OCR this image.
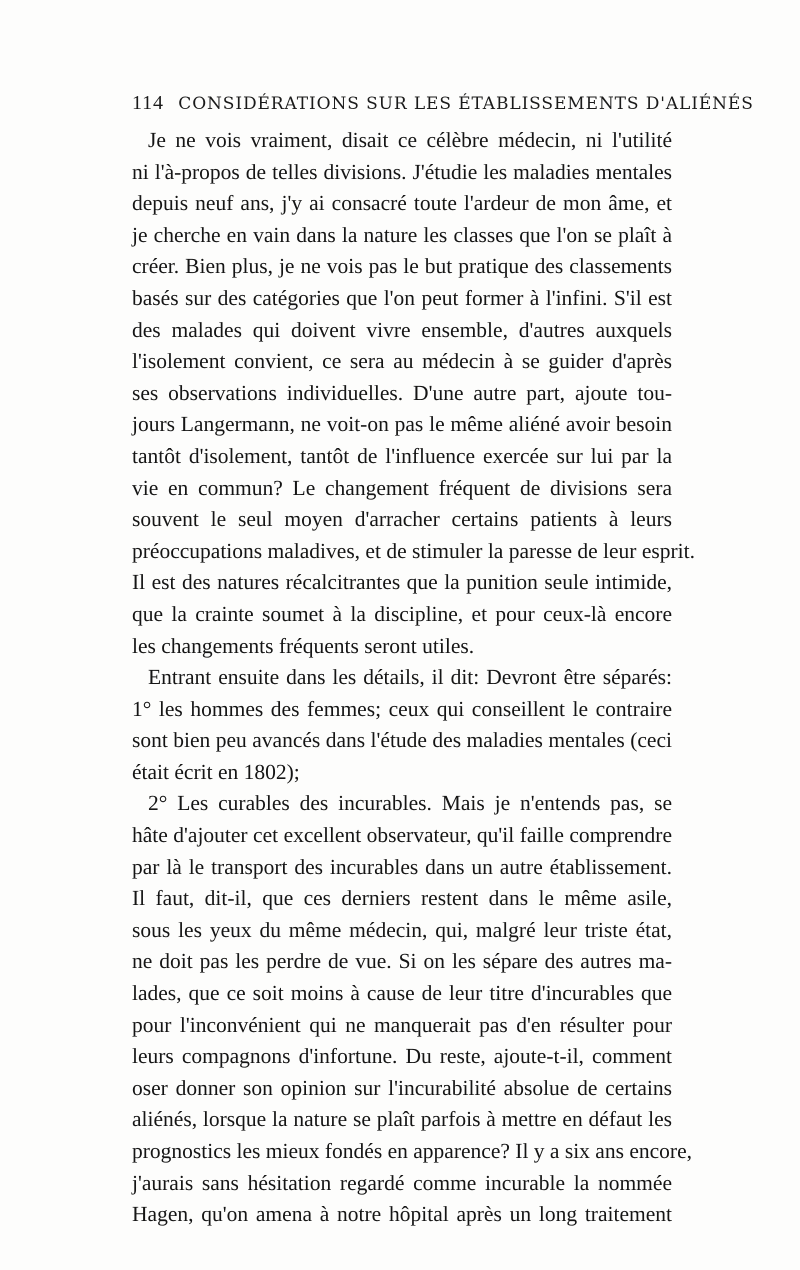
114 CONSIDÉRATIONS SUR LES ÉTABLISSEMENTS D'ALIÉNÉS
Je ne vois vraiment, disait ce célèbre médecin, ni l'utilité
ni l'à-propos de telles divisions. J'étudie les maladies mentales
depuis neuf ans, j'y ai consacré toute l'ardeur de mon âme, et
je cherche en vain dans la nature les classes que l'on se plaît à
créer. Bien plus, je ne vois pas le but pratique des classements
basés sur des catégories que l'on peut former à l'infini. S'il est
des malades qui doivent vivre ensemble, d'autres auxquels
l'isolement convient, ce sera au médecin à se guider d'après
ses observations individuelles. D'une autre part, ajoute tou-
jours Langermann, ne voit-on pas le même aliéné avoir besoin
tantôt d'isolement, tantôt de l'influence exercée sur lui par la
vie en commun? Le changement fréquent de divisions sera
souvent le seul moyen d'arracher certains patients à leurs
préoccupations maladives, et de stimuler la paresse de leur esprit.
Il est des natures récalcitrantes que la punition seule intimide,
que la crainte soumet à la discipline, et pour ceux-là encore
les changements fréquents seront utiles.
Entrant ensuite dans les détails, il dit: Devront être séparés:
1° les hommes des femmes; ceux qui conseillent le contraire
sont bien peu avancés dans l'étude des maladies mentales (ceci
était écrit en 1802);
2° Les curables des incurables. Mais je n'entends pas, se
hâte d'ajouter cet excellent observateur, qu'il faille comprendre
par là le transport des incurables dans un autre établissement.
Il faut, dit-il, que ces derniers restent dans le même asile,
sous les yeux du même médecin, qui, malgré leur triste état,
ne doit pas les perdre de vue. Si on les sépare des autres ma-
lades, que ce soit moins à cause de leur titre d'incurables que
pour l'inconvénient qui ne manquerait pas d'en résulter pour
leurs compagnons d'infortune. Du reste, ajoute-t-il, comment
oser donner son opinion sur l'incurabilité absolue de certains
aliénés, lorsque la nature se plaît parfois à mettre en défaut les
prognostics les mieux fondés en apparence? Il y a six ans encore,
j'aurais sans hésitation regardé comme incurable la nommée
Hagen, qu'on amena à notre hôpital après un long traitement
